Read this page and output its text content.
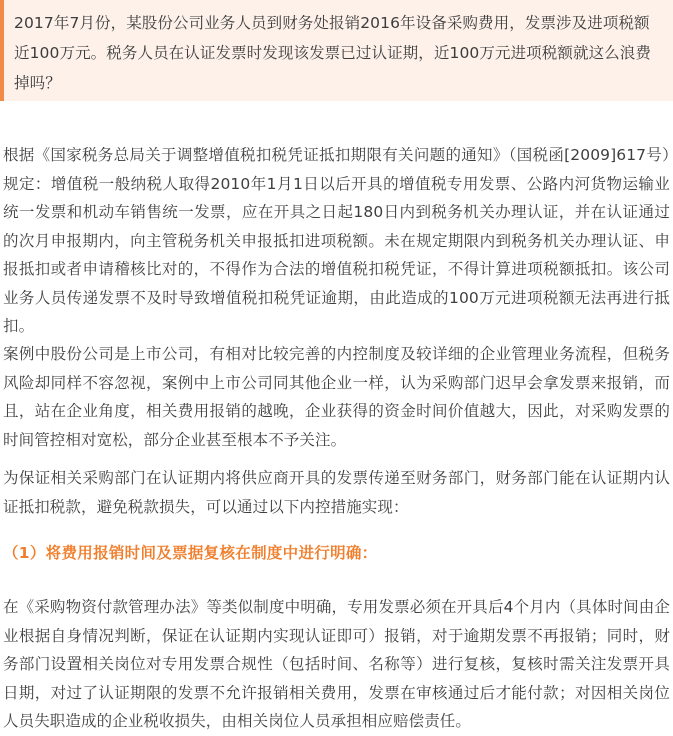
2017年7月份，某股份公司业务人员到财务处报销2016年设备采购费用，发票涉及进项税额近100万元。税务人员在认证发票时发现该发票已过认证期，近100万元进项税额就这么浪费掉吗？

根据《国家税务总局关于调整增值税扣税凭证抵扣期限有关问题的通知》（国税函[2009]617号）规定：增值税一般纳税人取得2010年1月1日以后开具的增值税专用发票、公路内河货物运输业统一发票和机动车销售统一发票，应在开具之日起180日内到税务机关办理认证，并在认证通过的次月申报期内，向主管税务机关申报抵扣进项税额。未在规定期限内到税务机关办理认证、申报抵扣或者申请稽核比对的，不得作为合法的增值税扣税凭证，不得计算进项税额抵扣。该公司业务人员传递发票不及时导致增值税扣税凭证逾期，由此造成的100万元进项税额无法再进行抵扣。

案例中股份公司是上市公司，有相对比较完善的内控制度及较详细的企业管理业务流程，但税务风险却同样不容忽视，案例中上市公司同其他企业一样，认为采购部门迟早会拿发票来报销，而且，站在企业角度，相关费用报销的越晚，企业获得的资金时间价值越大，因此，对采购发票的时间管控相对宽松，部分企业甚至根本不予关注。

为保证相关采购部门在认证期内将供应商开具的发票传递至财务部门，财务部门能在认证期内认证抵扣税款，避免税款损失，可以通过以下内控措施实现：

（1）将费用报销时间及票据复核在制度中进行明确：

在《采购物资付款管理办法》等类似制度中明确，专用发票必须在开具后4个月内（具体时间由企业根据自身情况判断，保证在认证期内实现认证即可）报销，对于逾期发票不再报销；同时，财务部门设置相关岗位对专用发票合规性（包括时间、名称等）进行复核，复核时需关注发票开具日期，对过了认证期限的发票不允许报销相关费用，发票在审核通过后才能付款；对因相关岗位人员失职造成的企业税收损失，由相关岗位人员承担相应赔偿责任。
